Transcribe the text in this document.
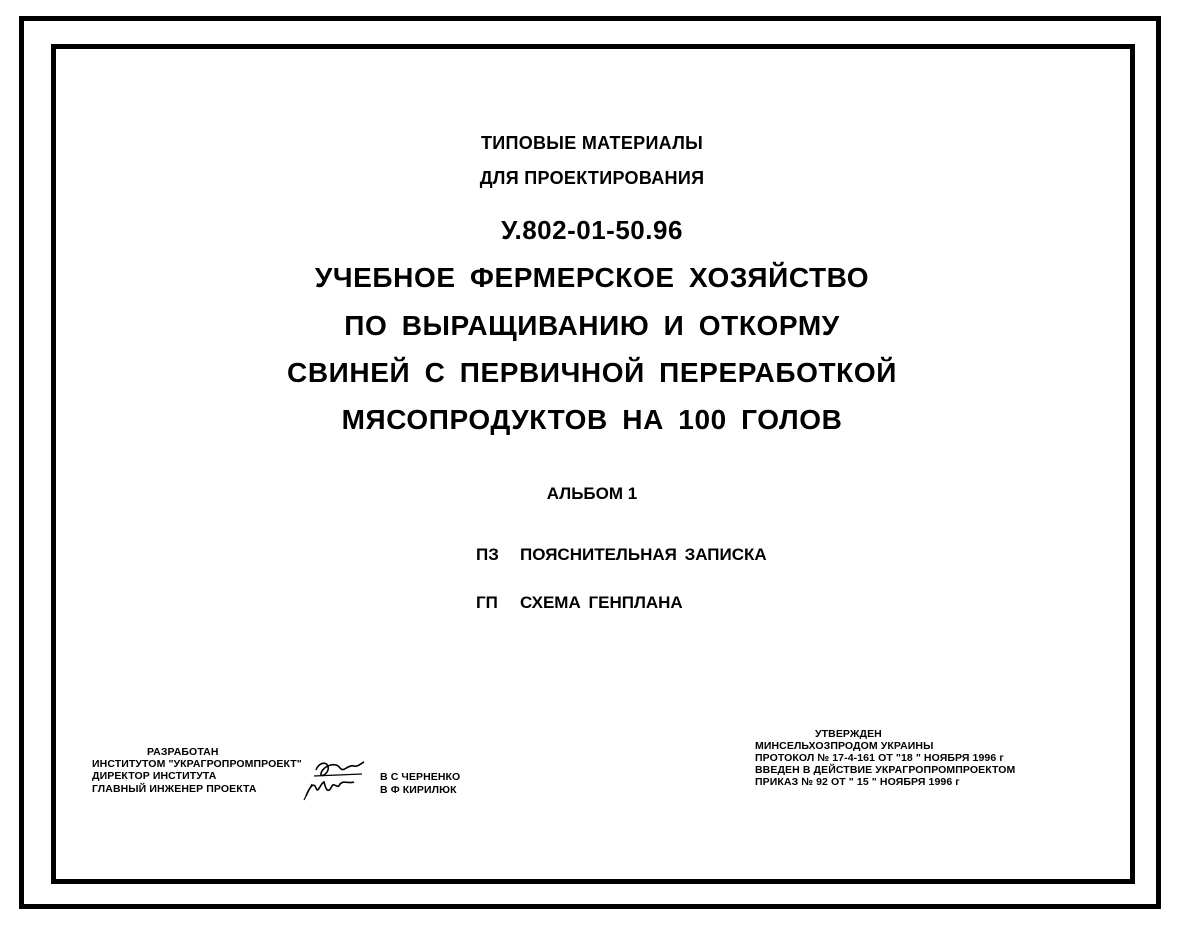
ТИПОВЫЕ МАТЕРИАЛЫ
ДЛЯ ПРОЕКТИРОВАНИЯ
У.802-01-50.96
УЧЕБНОЕ ФЕРМЕРСКОЕ ХОЗЯЙСТВО
ПО ВЫРАЩИВАНИЮ И ОТКОРМУ
СВИНЕЙ С ПЕРВИЧНОЙ ПЕРЕРАБОТКОЙ
МЯСОПРОДУКТОВ НА 100 ГОЛОВ
АЛЬБОМ 1
ПЗ ПОЯСНИТЕЛЬНАЯ ЗАПИСКА
ГП СХЕМА ГЕНПЛАНА
РАЗРАБОТАН
ИНСТИТУТОМ "УКРАГРОПРОМПРОЕКТ"
ДИРЕКТОР ИНСТИТУТА
ГЛАВНЫЙ ИНЖЕНЕР ПРОЕКТА
В С ЧЕРНЕНКО
В Ф КИРИЛЮК
УТВЕРЖДЕН
МИНСЕЛЬХОЗПРОДОМ УКРАИНЫ
ПРОТОКОЛ № 17-4-161 ОТ "18 " НОЯБРЯ 1996 г
ВВЕДЕН В ДЕЙСТВИЕ УКРАГРОПРОМПРОЕКТОМ
ПРИКАЗ № 92 ОТ " 15 " НОЯБРЯ 1996 г
